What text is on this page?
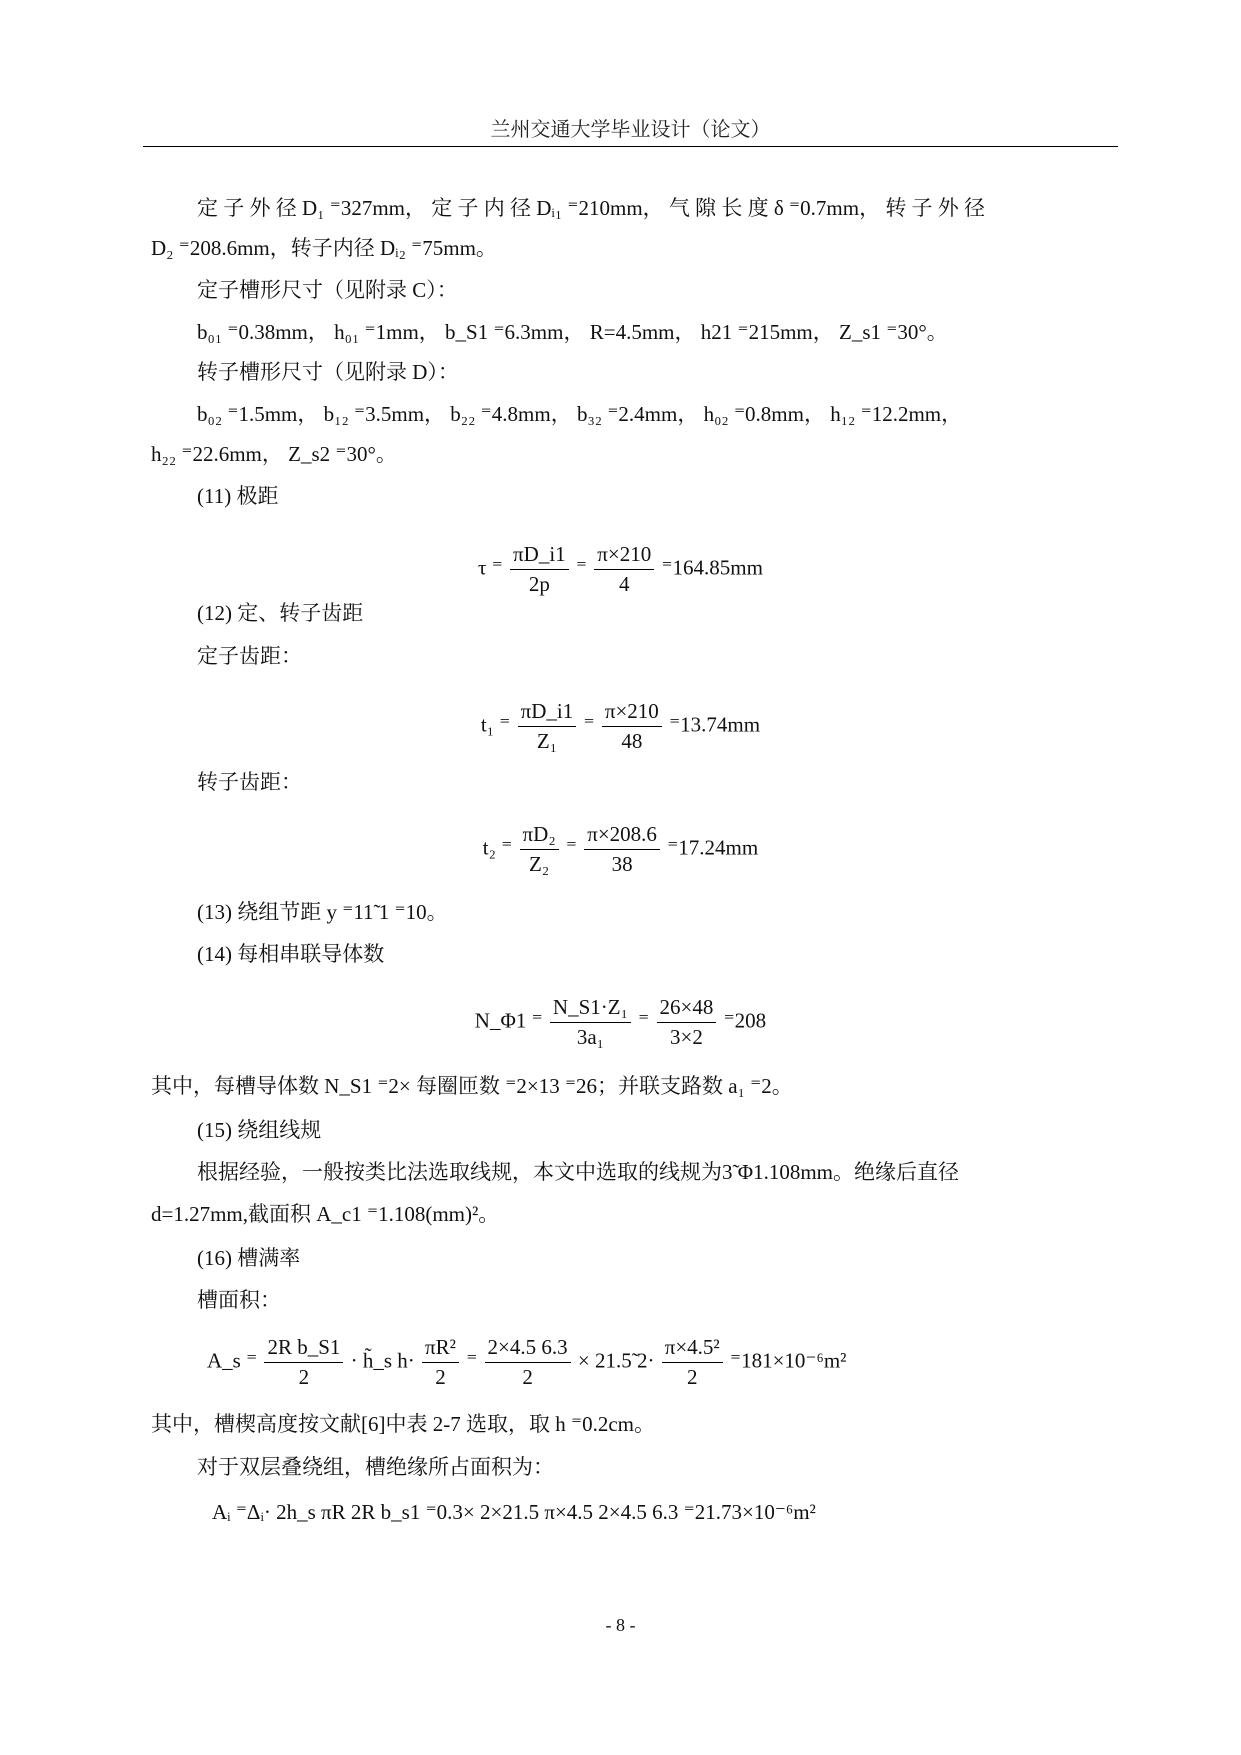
兰州交通大学毕业设计（论文）
定 子 外 径 D₁ ⁼327mm， 定 子 内 径 Dᵢ₁ ⁼210mm， 气 隙 长 度 δ ⁼0.7mm， 转 子 外 径
D₂ ⁼208.6mm，转子内径 Dᵢ₂ ⁼75mm。
定子槽形尺寸（见附录 C）：
b₀₁ ⁼0.38mm， h₀₁ ⁼1mm， b_S1 ⁼6.3mm， R=4.5mm， h21 ⁼215mm， Z_s1 ⁼30°。
转子槽形尺寸（见附录 D）：
b₀₂ ⁼1.5mm， b₁₂ ⁼3.5mm， b₂₂ ⁼4.8mm， b₃₂ ⁼2.4mm， h₀₂ ⁼0.8mm， h₁₂ ⁼12.2mm，
h₂₂ ⁼22.6mm， Z_s2 ⁼30°。
(11) 极距
τ ⁼ $\frac{\pi D\_i1}{2p}$ ⁼ $\frac{\pi\times 210}{4} ^=164.85mm$
(12) 定、转子齿距
定子齿距：
t₁ ⁼ $\frac{\pi D\_i1}{\text{Z₁}}$ ⁼ $\frac{\pi\times 210}{48} ^=13.74mm$
转子齿距：
t₂ ⁼ $\frac{\text{πD₂}}{\text{Z₂}}$ ⁼ $\frac{\pi\times 208.6}{38} ^=17.24mm$
(13) 绕组节距 y ⁼11̃ 1 ⁼10。
(14) 每相串联导体数
N_Φ1 ⁼ $\frac{\text{N\_S1·Z₁}}{\text{3a₁}}$ ⁼ $\frac{26\times 48}{3\times 2} ^=208$
其中，每槽导体数 N_S1 ⁼2× 每圈匝数 ⁼2×13 ⁼26；并联支路数 a₁ ⁼2。
(15) 绕组线规
根据经验，一般按类比法选取线规，本文中选取的线规为3̃ Φ1.108mm。绝缘后直径
d=1.27mm,截面积 A_c1 ⁼1.108(mm)²。
(16) 槽满率
槽面积：
A_s ⁼ $\frac{\text{2R b\_S1}}{2}$ · h̃_s $h\cdot \frac{\text{πR²}}{2}$ ⁼ $\frac{2\times 4.5 6.3}{2}$ × 21.5̃ $2\cdot \frac{\text{π×4.5²}}{2} ^=181\times 10^{-6}m^2$
其中，槽楔高度按文献[6]中表 2-7 选取，取 h ⁼0.2cm。
对于双层叠绕组，槽绝缘所占面积为：
Aᵢ ⁼Δᵢ· 2h_s πR 2R b_s1 ⁼0.3× 2×21.5 π×4.5 2×4.5 6.3 ⁼21.73×10⁻⁶m²
- 8 -
